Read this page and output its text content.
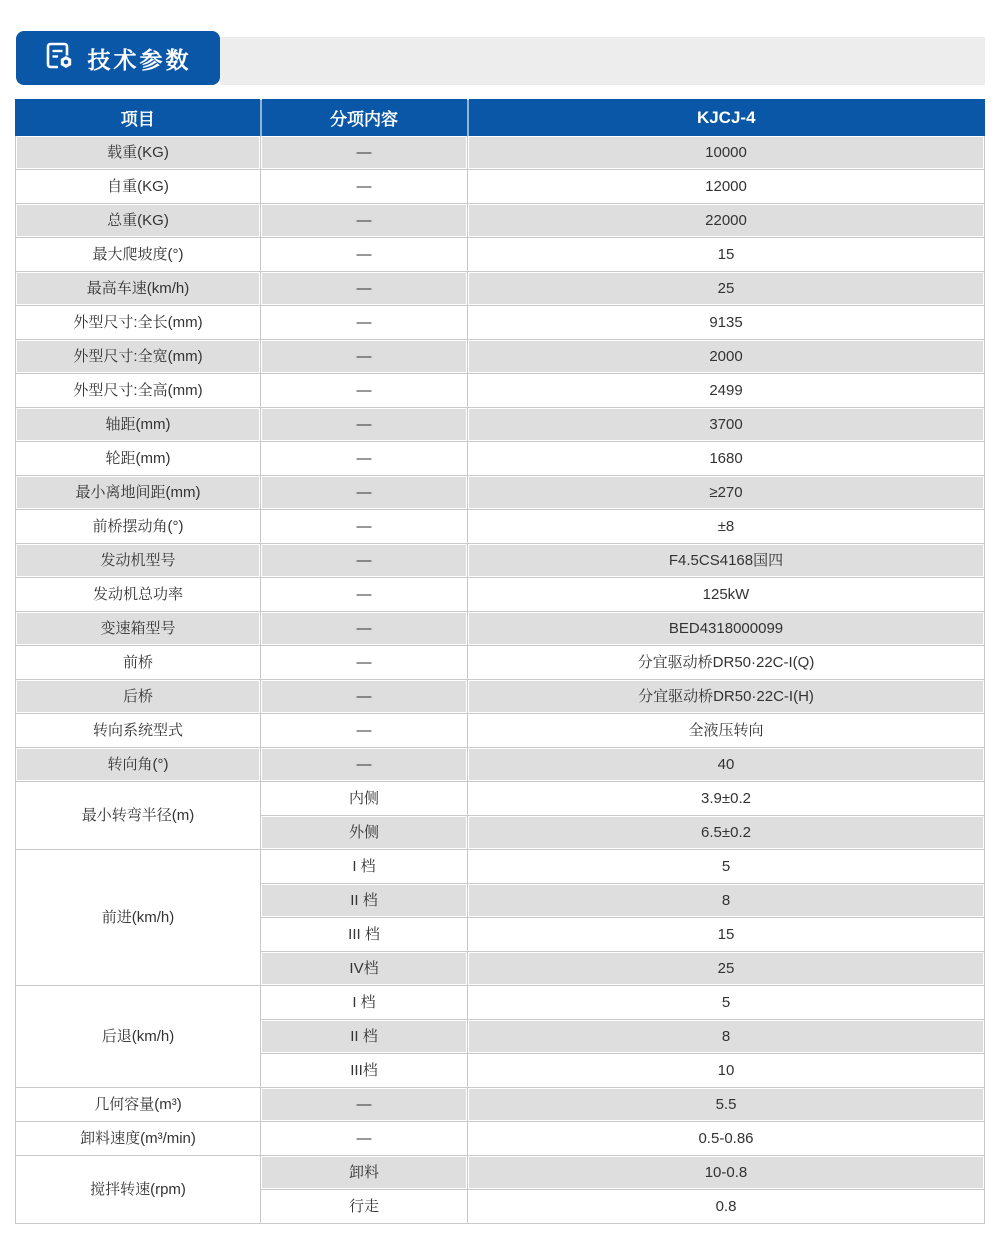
技术参数
项目	分项内容	KJCJ-4
载重(KG)	—	10000
自重(KG)	—	12000
总重(KG)	—	22000
最大爬坡度(°)	—	15
最高车速(km/h)	—	25
外型尺寸:全长(mm)	—	9135
外型尺寸:全宽(mm)	—	2000
外型尺寸:全高(mm)	—	2499
轴距(mm)	—	3700
轮距(mm)	—	1680
最小离地间距(mm)	—	≥270
前桥摆动角(°)	—	±8
发动机型号	—	F4.5CS4168国四
发动机总功率	—	125kW
变速箱型号	—	BED4318000099
前桥	—	分宜驱动桥DR50·22C-I(Q)
后桥	—	分宜驱动桥DR50·22C-I(H)
转向系统型式	—	全液压转向
转向角(°)	—	40
最小转弯半径(m)	内侧	3.9±0.2
	外侧	6.5±0.2
前进(km/h)	I 档	5
	II 档	8
	III 档	15
	IV档	25
后退(km/h)	I 档	5
	II 档	8
	III档	10
几何容量(m³)	—	5.5
卸料速度(m³/min)	—	0.5-0.86
搅拌转速(rpm)	卸料	10-0.8
	行走	0.8
